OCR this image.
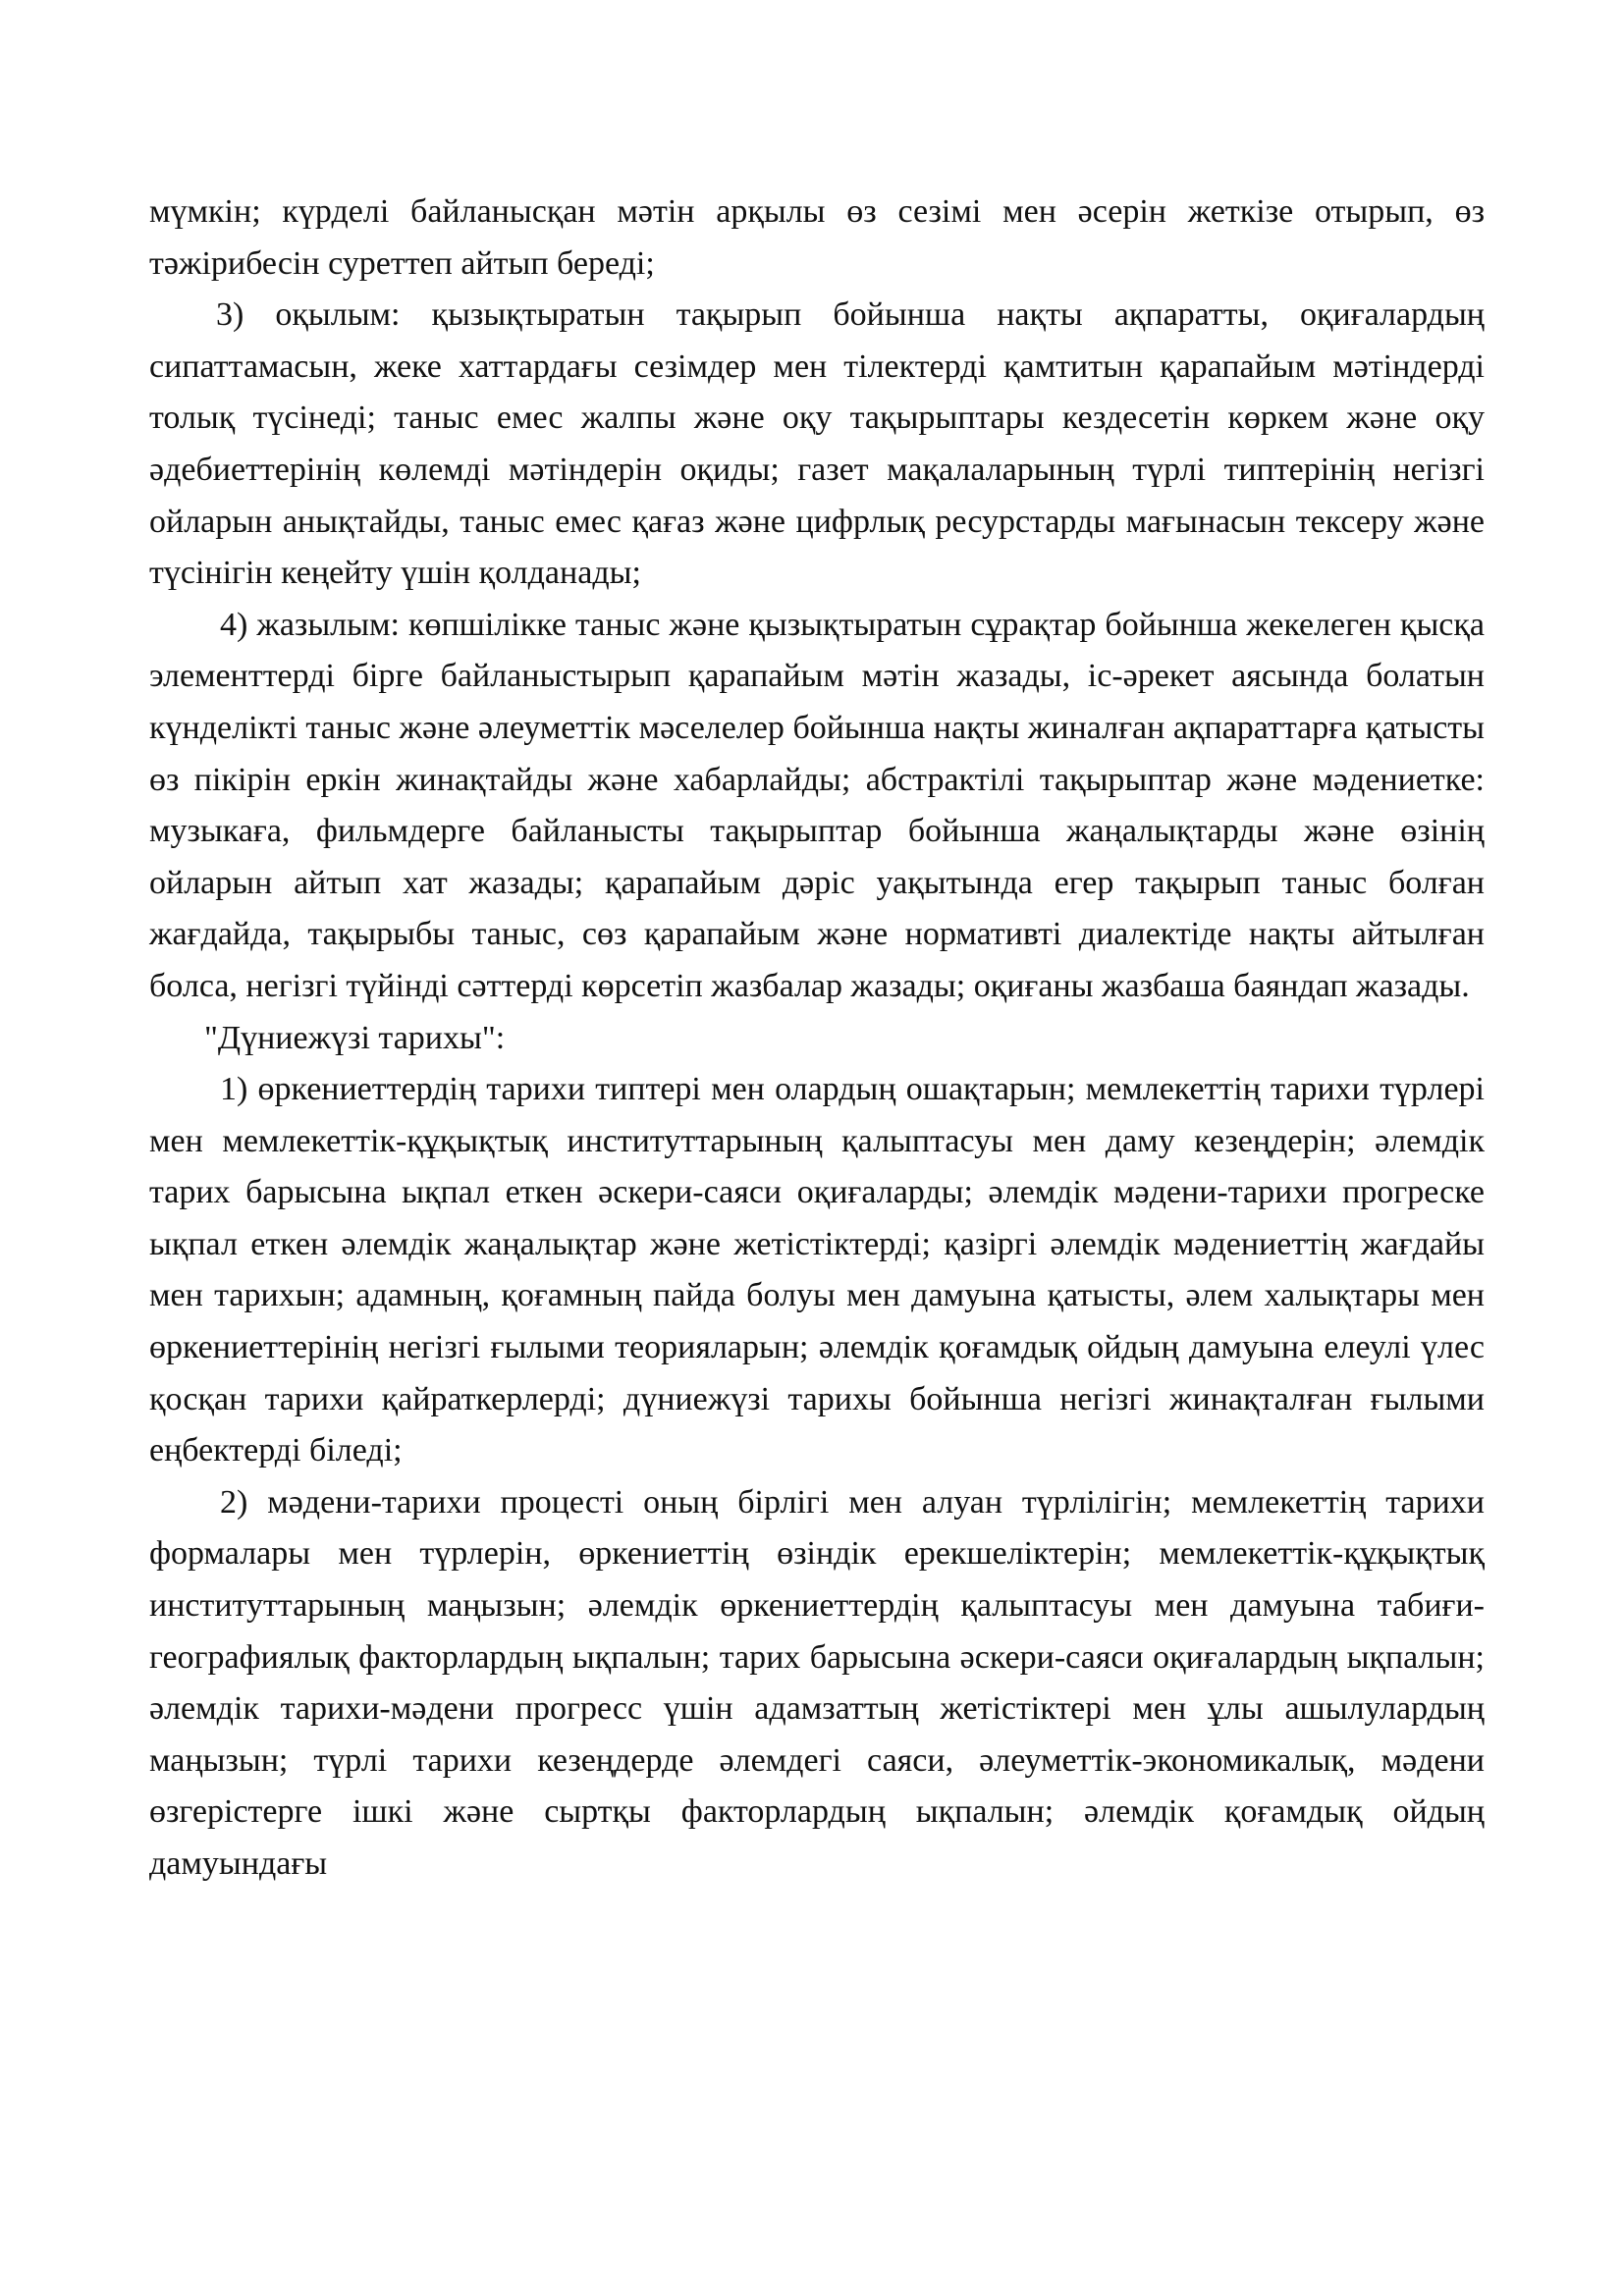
мүмкін; күрделі байланысқан мәтін арқылы өз сезімі мен әсерін жеткізе отырып, өз тәжірибесін суреттеп айтып береді;

3) оқылым: қызықтыратын тақырып бойынша нақты ақпаратты, оқиғалардың сипаттамасын, жеке хаттардағы сезімдер мен тілектерді қамтитын қарапайым мәтіндерді толық түсінеді; таныс емес жалпы және оқу тақырыптары кездесетін көркем және оқу әдебиеттерінің көлемді мәтіндерін оқиды; газет мақалаларының түрлі типтерінің негізгі ойларын анықтайды, таныс емес қағаз және цифрлық ресурстарды мағынасын тексеру және түсінігін кеңейту үшін қолданады;

4) жазылым: көпшілікке таныс және қызықтыратын сұрақтар бойынша жекелеген қысқа элементтерді бірге байланыстырып қарапайым мәтін жазады, іс-әрекет аясында болатын күнделікті таныс және әлеуметтік мәселелер бойынша нақты жиналған ақпараттарға қатысты өз пікірін еркін жинақтайды және хабарлайды; абстрактілі тақырыптар және мәдениетке: музыкаға, фильмдерге байланысты тақырыптар бойынша жаңалықтарды және өзінің ойларын айтып хат жазады; қарапайым дәріс уақытында егер тақырып таныс болған жағдайда, тақырыбы таныс, сөз қарапайым және нормативті диалектіде нақты айтылған болса, негізгі түйінді сәттерді көрсетіп жазбалар жазады; оқиғаны жазбаша баяндап жазады.

"Дүниежүзі тарихы":

1) өркениеттердің тарихи типтері мен олардың ошақтарын; мемлекеттің тарихи түрлері мен мемлекеттік-құқықтық институттарының қалыптасуы мен даму кезеңдерін; әлемдік тарих барысына ықпал еткен әскери-саяси оқиғаларды; әлемдік мәдени-тарихи прогреске ықпал еткен әлемдік жаңалықтар және жетістіктерді; қазіргі әлемдік мәдениеттің жағдайы мен тарихын; адамның, қоғамның пайда болуы мен дамуына қатысты, әлем халықтары мен өркениеттерінің негізгі ғылыми теорияларын; әлемдік қоғамдық ойдың дамуына елеулі үлес қосқан тарихи қайраткерлерді; дүниежүзі тарихы бойынша негізгі жинақталған ғылыми еңбектерді біледі;

2) мәдени-тарихи процесті оның бірлігі мен алуан түрлілігін; мемлекеттің тарихи формалары мен түрлерін, өркениеттің өзіндік ерекшеліктерін; мемлекеттік-құқықтық институттарының маңызын; әлемдік өркениеттердің қалыптасуы мен дамуына табиғи-географиялық факторлардың ықпалын; тарих барысына әскери-саяси оқиғалардың ықпалын; әлемдік тарихи-мәдени прогресс үшін адамзаттың жетістіктері мен ұлы ашылулардың маңызын; түрлі тарихи кезеңдерде әлемдегі саяси, әлеуметтік-экономикалық, мәдени өзгерістерге ішкі және сыртқы факторлардың ықпалын; әлемдік қоғамдық ойдың дамуындағы
